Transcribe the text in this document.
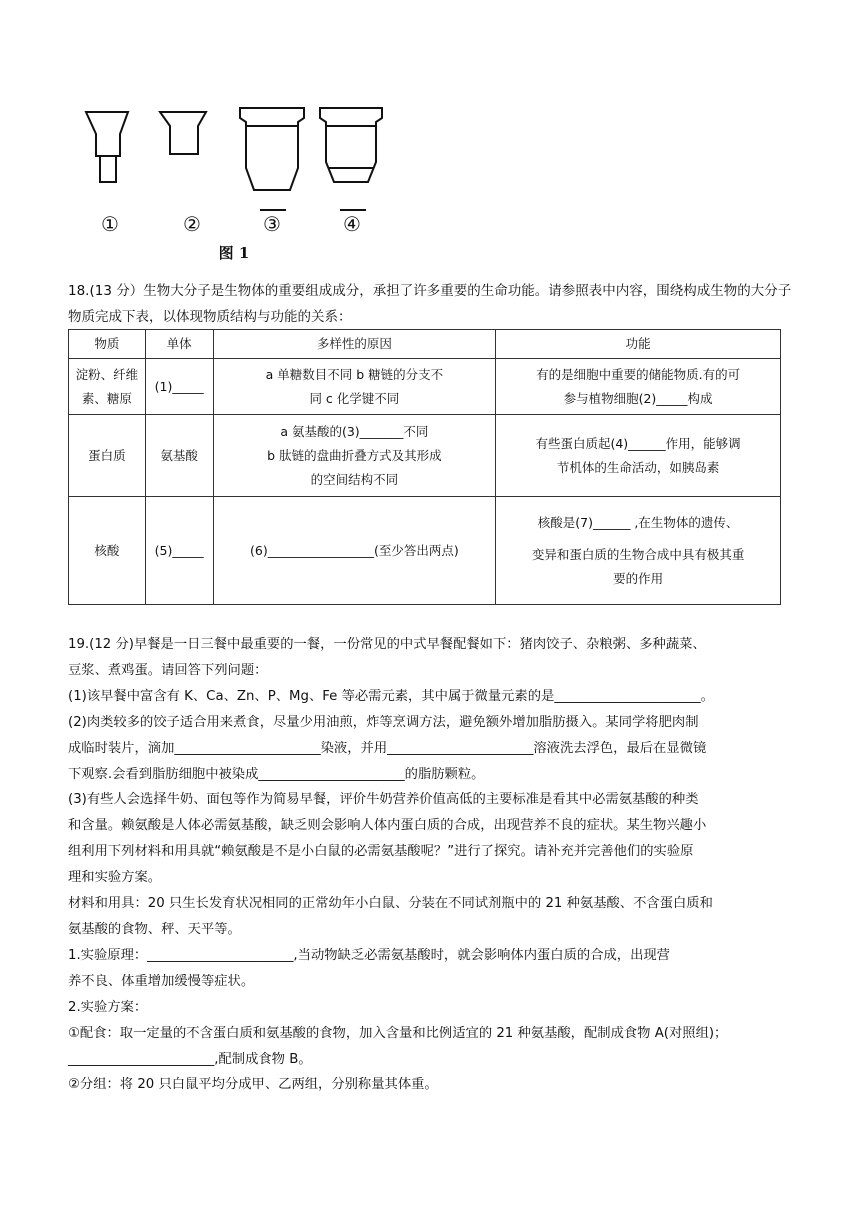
①	②	③	④
图 1
18.(13 分）生物大分子是生物体的重要组成成分，承担了许多重要的生命功能。请参照表中内容，围绕构成生物的大分子物质完成下表，以体现物质结构与功能的关系：
物质	单体	多样性的原因	功能

淀粉、纤维
素、糖原	(1)_____	a 单糖数目不同 b 糖链的分支不
同 c 化学键不同	有的是细胞中重要的储能物质.有的可
参与植物细胞(2)_____构成

蛋白质	氨基酸	a 氨基酸的(3)_______不同
b 肽链的盘曲折叠方式及其形成
的空间结构不同	有些蛋白质起(4)______作用，能够调
节机体的生命活动，如胰岛素

核酸	(5)_____	(6)_________________(至少答出两点)	核酸是(7)______ ,在生物体的遗传、
变异和蛋白质的生物合成中具有极其重
要的作用
19.(12 分)早餐是一日三餐中最重要的一餐，一份常见的中式早餐配餐如下：猪肉饺子、杂粮粥、多种蔬菜、
豆浆、煮鸡蛋。请回答下列问题：
(1)该早餐中富含有 K、Ca、Zn、P、Mg、Fe 等必需元素，其中属于微量元素的是______________________。
(2)肉类较多的饺子适合用来煮食，尽量少用油煎，炸等烹调方法，避免额外增加脂肪摄入。某同学将肥肉制
成临时装片，滴加______________________染液，并用______________________溶液洗去浮色，最后在显微镜
下观察.会看到脂肪细胞中被染成______________________的脂肪颗粒。
(3)有些人会选择牛奶、面包等作为简易早餐，评价牛奶营养价值高低的主要标准是看其中必需氨基酸的种类
和含量。赖氨酸是人体必需氨基酸，缺乏则会影响人体内蛋白质的合成，出现营养不良的症状。某生物兴趣小
组利用下列材料和用具就“赖氨酸是不是小白鼠的必需氨基酸呢？”进行了探究。请补充并完善他们的实验原
理和实验方案。
材料和用具：20 只生长发育状况相同的正常幼年小白鼠、分装在不同试剂瓶中的 21 种氨基酸、不含蛋白质和
氨基酸的食物、秤、天平等。
1.实验原理：______________________,当动物缺乏必需氨基酸时，就会影响体内蛋白质的合成，出现营
养不良、体重增加缓慢等症状。
2.实验方案：
①配食：取一定量的不含蛋白质和氨基酸的食物，加入含量和比例适宜的 21 种氨基酸，配制成食物 A(对照组)；
______________________,配制成食物 B。
②分组：将 20 只白鼠平均分成甲、乙两组，分别称量其体重。
